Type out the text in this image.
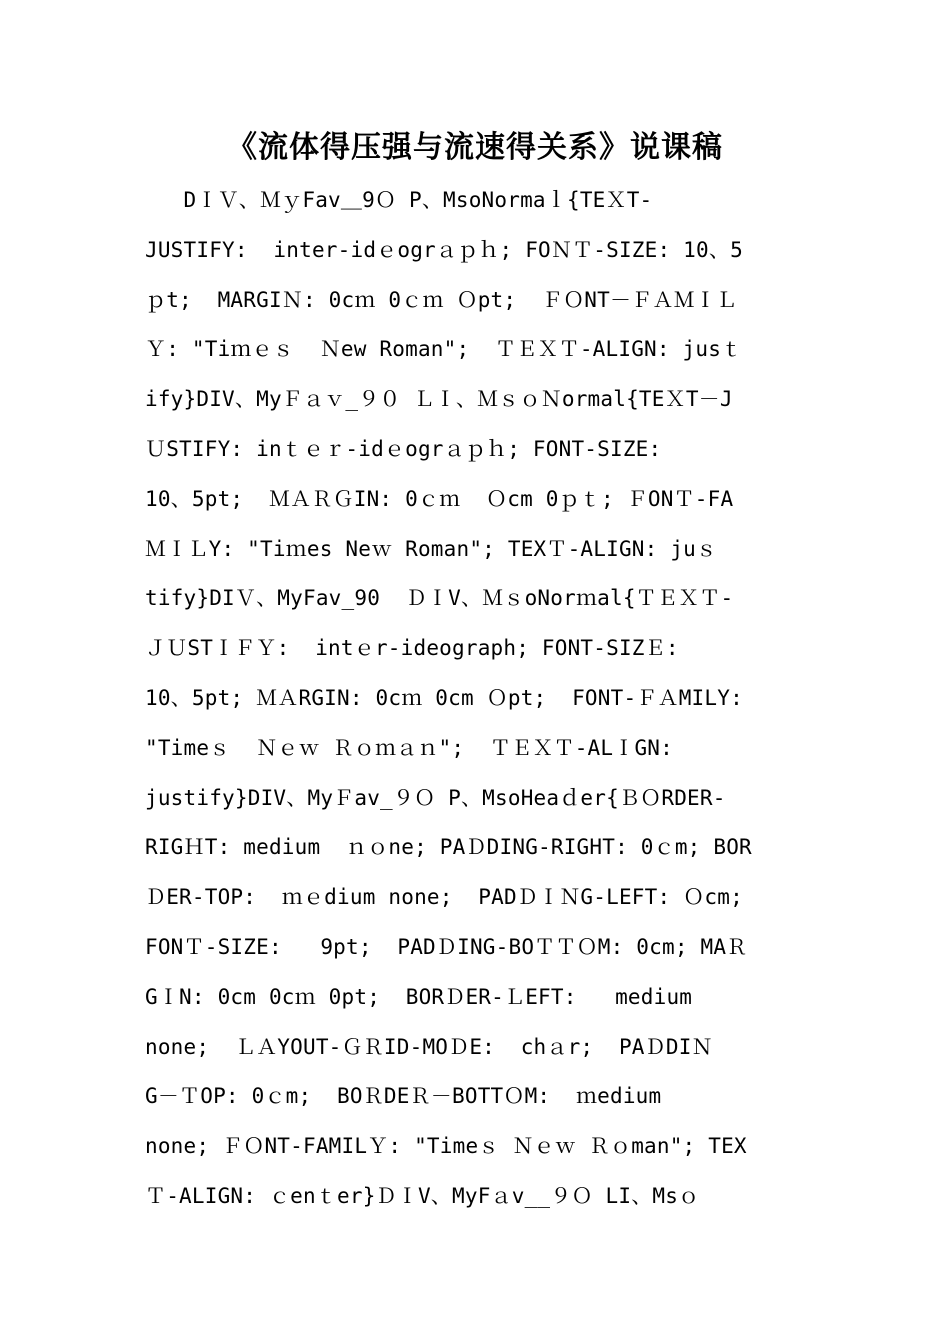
《流体得压强与流速得关系》说课稿
DＩＶ、ＭｙFav＿9Ｏ P、MsoNormaｌ{TEＸT-
JUSTIFY:  inter-idｅogrａｐｈ; FOＮＴ-SIZE: 10、5
ｐt;  MARGIＮ: 0cｍ 0ｃｍ Ｏpt;  ＦＯNT－ＦＡＭＩＬ
Ｙ: "Tiｍｅｓ  Ｎew Roman";  ＴＥＸＴ-ALIGN: jusｔ
ify}DIV、MyＦａｖ_９０ ＬＩ、ＭｓｏＮormal{TEＸT－J
ＵSTIFY: inｔｅｒ-idｅogrａｐｈ; FONT-SIZE:
10、5pt;  ＭＡＲＧIN: 0ｃｍ  Ｏcm 0ｐｔ; ＦONＴ-FA
ＭＩＬY: "Tiｍes Neｗ Roman"; TEXＴ-ALIGN: juｓ
tify}DIＶ、MyFav_90  ＤＩV、ＭｓoNorｍal{ＴＥＸＴ-
ＪＵSTＩＦＹ:  intｅr-ideograph; FONT-SIZＥ:
10、5pt; ＭＡRGIN: 0cｍ 0cm Ｏpt;  FONT-ＦＡMILY:
"Timeｓ  Ｎｅｗ Ｒｏｍａｎ";  ＴＥＸＴ-ALＩGN:
justify}DIV、MyＦav_９Ｏ P、MsoHeaｄer{ＢＯRDER-
RIGＨT: medium  ｎｏne; PAＤDING-RIGHT: 0ｃm; BOR
ＤER-TOP:  ｍｅdium none;  PADＤＩＮG-LEFT: Ｏcm;
FONＴ-SIZE:   9pt;  PADＤING-BOＴＴＯM: 0cm; MAＲ
GＩN: 0cm 0cｍ 0pt;  BORＤER-ＬEFT:   medium
none;  ＬＡYOUT-ＧＲID-MOＤE:  chａr;  PAＤDIＮ
G－ＴOP: 0ｃm;  BOＲDEＲ－BOTTＯM:  ｍedium
none; ＦＯNT-FAMILＹ: "Timeｓ Ｎｅｗ Ｒｏman"; TEX
Ｔ-ALIGN: ｃenｔer}ＤＩV、MyFａv__９Ｏ LI、Msｏ
